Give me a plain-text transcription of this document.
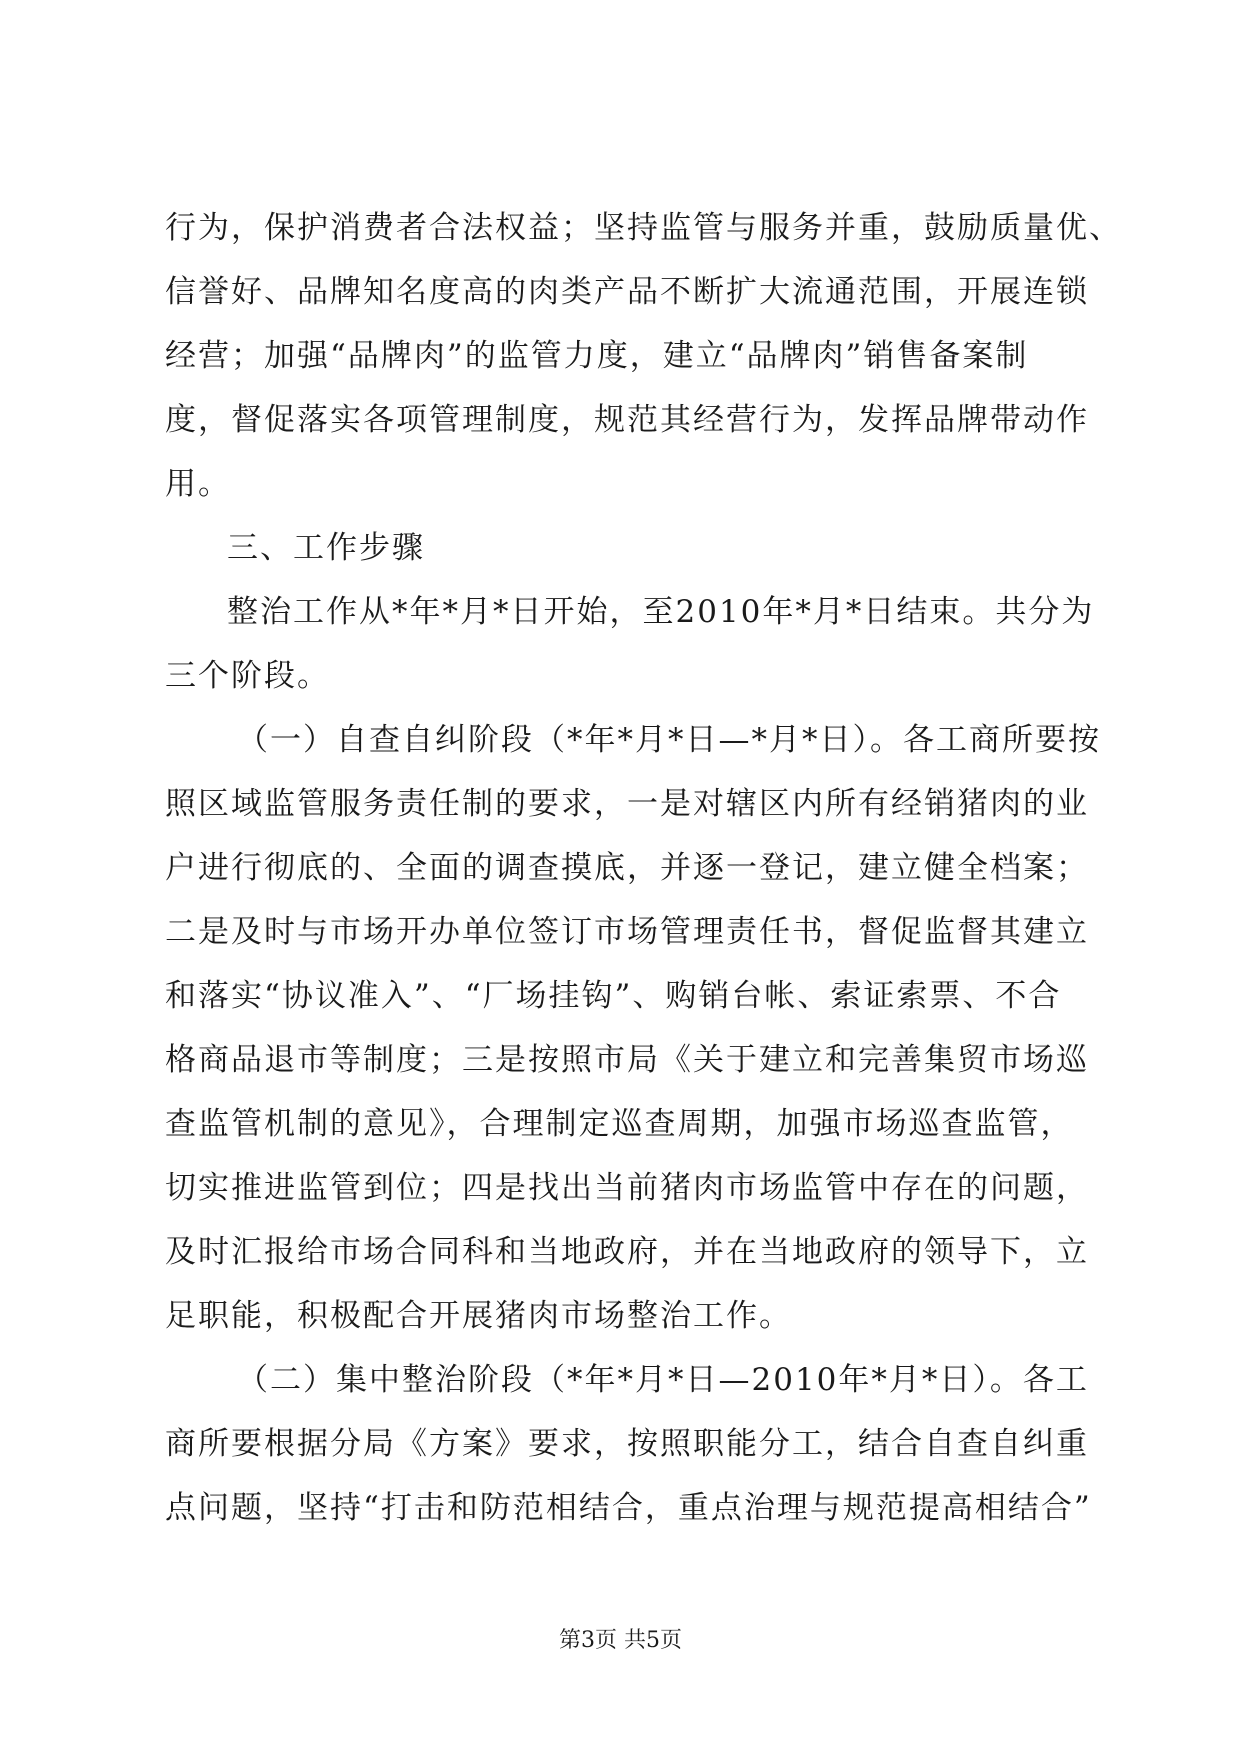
行为，保护消费者合法权益；坚持监管与服务并重，鼓励质量优、
信誉好、品牌知名度高的肉类产品不断扩大流通范围，开展连锁
经营；加强“品牌肉”的监管力度，建立“品牌肉”销售备案制
度，督促落实各项管理制度，规范其经营行为，发挥品牌带动作
用。
三、工作步骤
整治工作从*年*月*日开始，至2010年*月*日结束。共分为
三个阶段。
（一）自查自纠阶段（*年*月*日—*月*日）。各工商所要按
照区域监管服务责任制的要求，一是对辖区内所有经销猪肉的业
户进行彻底的、全面的调查摸底，并逐一登记，建立健全档案；
二是及时与市场开办单位签订市场管理责任书，督促监督其建立
和落实“协议准入”、“厂场挂钩”、购销台帐、索证索票、不合
格商品退市等制度；三是按照市局《关于建立和完善集贸市场巡
查监管机制的意见》，合理制定巡查周期，加强市场巡查监管，
切实推进监管到位；四是找出当前猪肉市场监管中存在的问题，
及时汇报给市场合同科和当地政府，并在当地政府的领导下，立
足职能，积极配合开展猪肉市场整治工作。
（二）集中整治阶段（*年*月*日—2010年*月*日）。各工
商所要根据分局《方案》要求，按照职能分工，结合自查自纠重
点问题，坚持“打击和防范相结合，重点治理与规范提高相结合”
第3页 共5页
